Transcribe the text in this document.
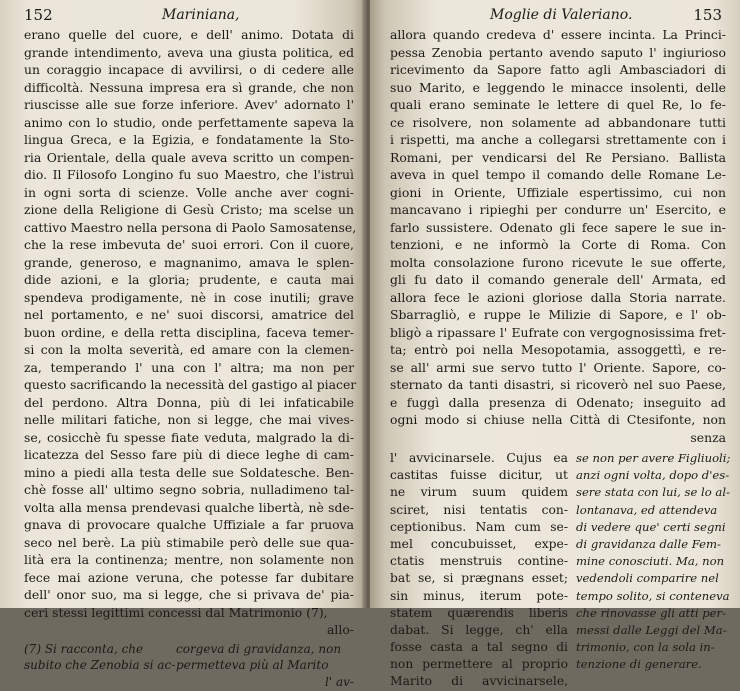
152	Mariniana,
erano quelle del cuore, e dell' animo. Dotata di
grande intendimento, aveva una giusta politica, ed
un coraggio incapace di avvilirsi, o di cedere alle
difficoltà. Nessuna impresa era sì grande, che non
riuscisse alle sue forze inferiore. Avev' adornato l'
animo con lo studio, onde perfettamente sapeva la
lingua Greca, e la Egizia, e fondatamente la Sto-
ria Orientale, della quale aveva scritto un compen-
dio. Il Filosofo Longino fu suo Maestro, che l'istruì
in ogni sorta di scienze. Volle anche aver cogni-
zione della Religione di Gesù Cristo; ma scelse un
cattivo Maestro nella persona di Paolo Samosatense,
che la rese imbevuta de' suoi errori. Con il cuore,
grande, generoso, e magnanimo, amava le splen-
dide azioni, e la gloria; prudente, e cauta mai
spendeva prodigamente, nè in cose inutili; grave
nel portamento, e ne' suoi discorsi, amatrice del
buon ordine, e della retta disciplina, faceva temer-
si con la molta severità, ed amare con la clemen-
za, temperando l' una con l' altra; ma non per
questo sacrificando la necessità del gastigo al piacer
del perdono. Altra Donna, più di lei infaticabile
nelle militari fatiche, non si legge, che mai vives-
se, cosicchè fu spesse fiate veduta, malgrado la di-
licatezza del Sesso fare più di diece leghe di cam-
mino a piedi alla testa delle sue Soldatesche. Ben-
chè fosse all' ultimo segno sobria, nulladimeno tal-
volta alla mensa prendevasi qualche libertà, nè sde-
gnava di provocare qualche Uffiziale a far pruova
seco nel berè. La più stimabile però delle sue qua-
lità era la continenza; mentre, non solamente non
fece mai azione veruna, che potesse far dubitare
dell' onor suo, ma si legge, che si privava de' pia-
ceri stessi legittimi concessi dal Matrimonio (7),
allo-
(7) Si racconta, che	corgeva di gravidanza, non
subito che Zenobia si ac-permetteva più al Marito
l' av-
Moglie di Valeriano.	153
allora quando credeva d' essere incinta. La Princi-
pessa Zenobia pertanto avendo saputo l' ingiurioso
ricevimento da Sapore fatto agli Ambasciadori di
suo Marito, e leggendo le minacce insolenti, delle
quali erano seminate le lettere di quel Re, lo fe-
ce risolvere, non solamente ad abbandonare tutti
i rispetti, ma anche a collegarsi strettamente con i
Romani, per vendicarsi del Re Persiano. Ballista
aveva in quel tempo il comando delle Romane Le-
gioni in Oriente, Uffiziale espertissimo, cui non
mancavano i ripieghi per condurre un' Esercito, e
farlo sussistere. Odenato gli fece sapere le sue in-
tenzioni, e ne informò la Corte di Roma. Con
molta consolazione furono ricevute le sue offerte,
gli fu dato il comando generale dell' Armata, ed
allora fece le azioni gloriose dalla Storia narrate.
Sbarragliò, e ruppe le Milizie di Sapore, e l' ob-
bligò a ripassare l' Eufrate con vergognosissima fret-
ta; entrò poi nella Mesopotamia, assoggettì, e re-
se all' armi sue servo tutto l' Oriente. Sapore, co-
sternato da tanti disastri, si ricoverò nel suo Paese,
e fuggì dalla presenza di Odenato; inseguito ad
ogni modo si chiuse nella Città di Ctesifonte, non
senza
l' avvicinarsele. Cujus ea
castitas fuisse dicitur, ut
ne virum suum quidem
sciret, nisi tentatis con-
ceptionibus. Nam cum se-
mel concubuisset, expe-
ctatis menstruis contine-
bat se, si prægnans esset;
sin minus, iterum pote-
statem quærendis liberis
dabat. Si legge, ch' ella
fosse casta a tal segno di
non permettere al proprio
Marito di avvicinarsele,
se non per avere Figliuoli;
anzi ogni volta, dopo d'es-
sere stata con lui, se lo al-
lontanava, ed attendeva
di vedere que' certi segni
di gravidanza dalle Fem-
mine conosciuti. Ma, non
vedendoli comparire nel
tempo solito, si conteneva
che rinovasse gli atti per-
messi dalle Leggi del Ma-
trimonio, con la sola in-
tenzione di generare.
